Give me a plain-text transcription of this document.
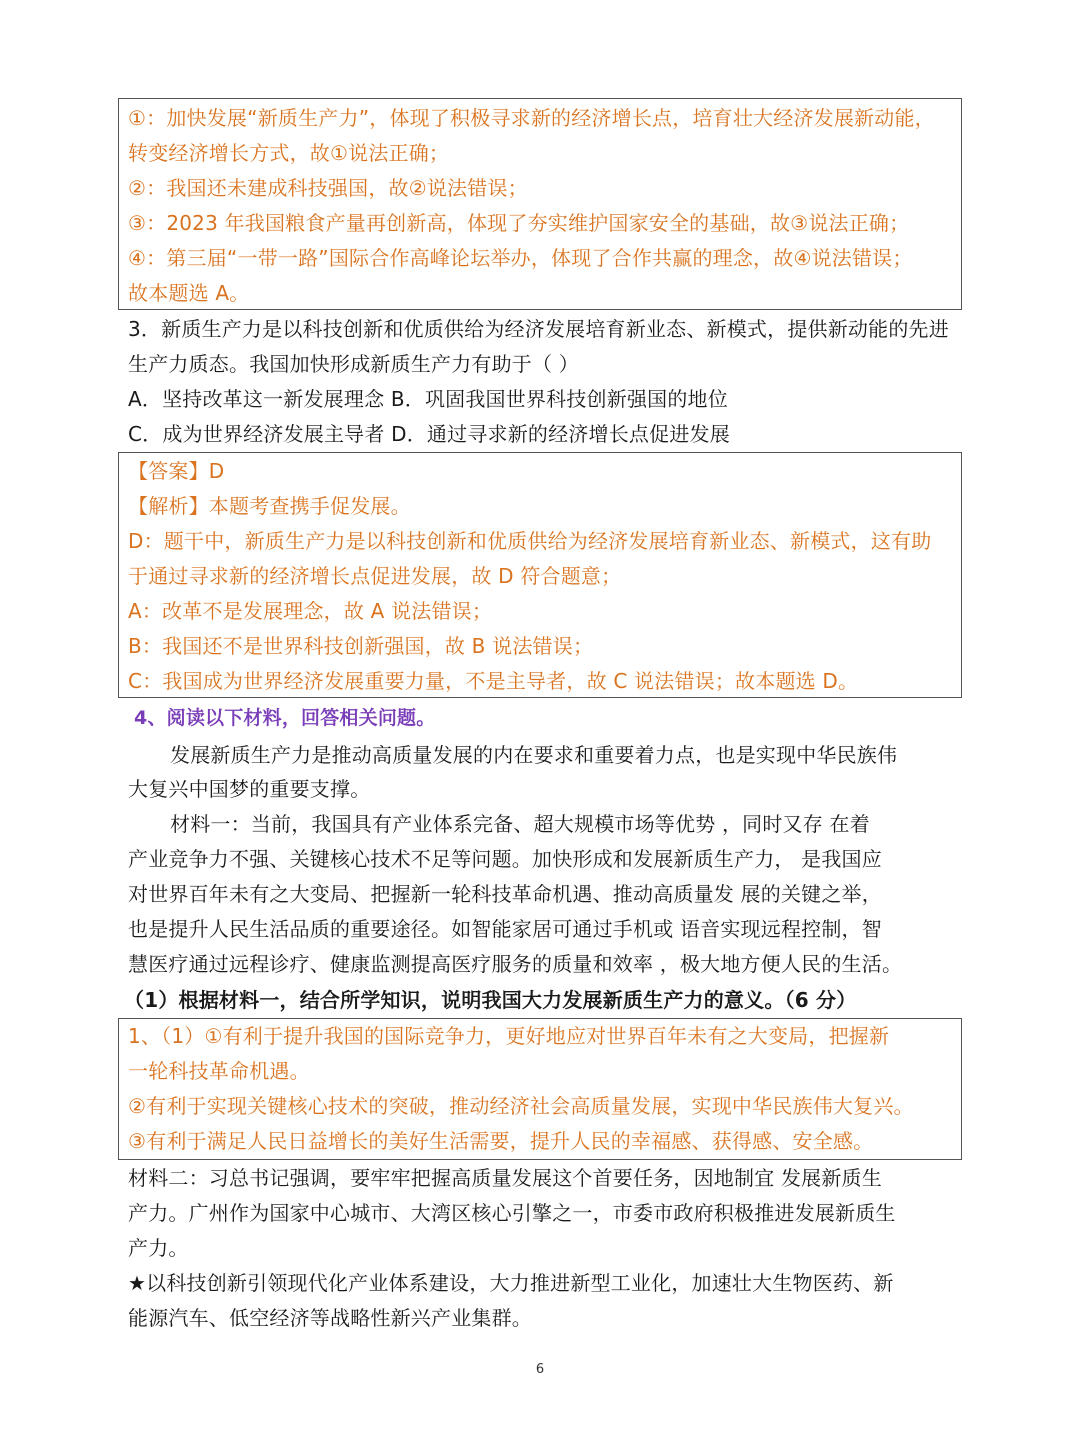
①：加快发展“新质生产力”，体现了积极寻求新的经济增长点，培育壮大经济发展新动能，
转变经济增长方式，故①说法正确；
②：我国还未建成科技强国，故②说法错误；
③：2023 年我国粮食产量再创新高，体现了夯实维护国家安全的基础，故③说法正确；
④：第三届“一带一路”国际合作高峰论坛举办，体现了合作共赢的理念，故④说法错误；
故本题选 A。
3．新质生产力是以科技创新和优质供给为经济发展培育新业态、新模式，提供新动能的先进
生产力质态。我国加快形成新质生产力有助于（ ）
A．坚持改革这一新发展理念 B．巩固我国世界科技创新强国的地位
C．成为世界经济发展主导者 D．通过寻求新的经济增长点促进发展
【答案】D
【解析】本题考查携手促发展。
D：题干中，新质生产力是以科技创新和优质供给为经济发展培育新业态、新模式，这有助
于通过寻求新的经济增长点促进发展，故 D 符合题意；
A：改革不是发展理念，故 A 说法错误；
B：我国还不是世界科技创新强国，故 B 说法错误；
C：我国成为世界经济发展重要力量，不是主导者，故 C 说法错误；故本题选 D。
4、阅读以下材料，回答相关问题。
发展新质生产力是推动高质量发展的内在要求和重要着力点，也是实现中华民族伟
大复兴中国梦的重要支撑。
材料一：当前，我国具有产业体系完备、超大规模市场等优势 ，同时又存 在着
产业竞争力不强、关键核心技术不足等问题。加快形成和发展新质生产力， 是我国应
对世界百年未有之大变局、把握新一轮科技革命机遇、推动高质量发 展的关键之举，
也是提升人民生活品质的重要途径。如智能家居可通过手机或 语音实现远程控制，智
慧医疗通过远程诊疗、健康监测提高医疗服务的质量和效率 ，极大地方便人民的生活。
（1）根据材料一，结合所学知识，说明我国大力发展新质生产力的意义。（6 分）
1、（1）①有利于提升我国的国际竞争力，更好地应对世界百年未有之大变局，把握新
一轮科技革命机遇。
②有利于实现关键核心技术的突破，推动经济社会高质量发展，实现中华民族伟大复兴。
③有利于满足人民日益增长的美好生活需要，提升人民的幸福感、获得感、安全感。
材料二：习总书记强调，要牢牢把握高质量发展这个首要任务，因地制宜 发展新质生
产力。广州作为国家中心城市、大湾区核心引擎之一，市委市政府积极推进发展新质生
产力。
★以科技创新引领现代化产业体系建设，大力推进新型工业化，加速壮大生物医药、新
能源汽车、低空经济等战略性新兴产业集群。
6
